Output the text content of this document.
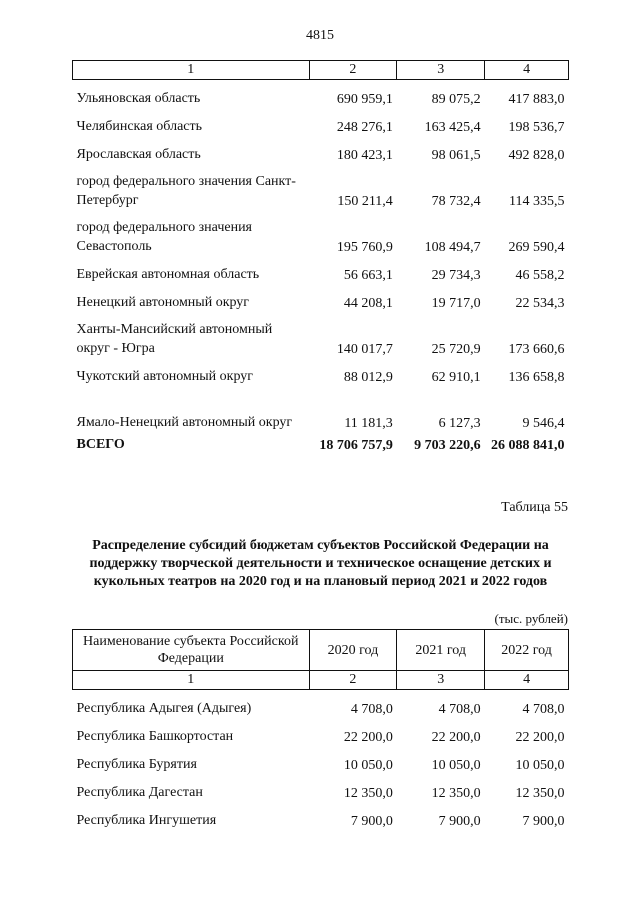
4815
1	2	3	4
Ульяновская область	690 959,1	89 075,2	417 883,0
Челябинская область	248 276,1	163 425,4	198 536,7
Ярославская область	180 423,1	98 061,5	492 828,0
город федерального значения Санкт-Петербург	150 211,4	78 732,4	114 335,5
город федерального значения Севастополь	195 760,9	108 494,7	269 590,4
Еврейская автономная область	56 663,1	29 734,3	46 558,2
Ненецкий автономный округ	44 208,1	19 717,0	22 534,3
Ханты-Мансийский автономный округ - Югра	140 017,7	25 720,9	173 660,6
Чукотский автономный округ	88 012,9	62 910,1	136 658,8
Ямало-Ненецкий автономный округ	11 181,3	6 127,3	9 546,4
ВСЕГО	18 706 757,9	9 703 220,6	26 088 841,0
Таблица 55
Распределение субсидий бюджетам субъектов Российской Федерации на поддержку творческой деятельности и техническое оснащение детских и кукольных театров на 2020 год и на плановый период 2021 и 2022 годов
(тыс. рублей)
Наименование субъекта Российской Федерации	2020 год	2021 год	2022 год
1	2	3	4
Республика Адыгея (Адыгея)	4 708,0	4 708,0	4 708,0
Республика Башкортостан	22 200,0	22 200,0	22 200,0
Республика Бурятия	10 050,0	10 050,0	10 050,0
Республика Дагестан	12 350,0	12 350,0	12 350,0
Республика Ингушетия	7 900,0	7 900,0	7 900,0
